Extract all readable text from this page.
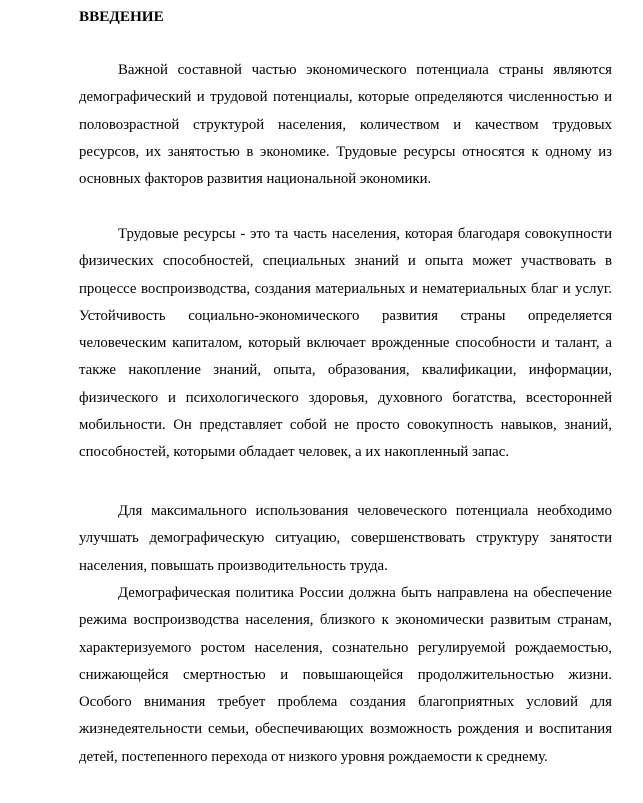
ВВЕДЕНИЕ

Важной составной частью экономического потенциала страны являются демографический и трудовой потенциалы, которые определяются численностью и половозрастной структурой населения, количеством и качеством трудовых ресурсов, их занятостью в экономике. Трудовые ресурсы относятся к одному из основных факторов развития национальной экономики.

Трудовые ресурсы - это та часть населения, которая благодаря совокупности физических способностей, специальных знаний и опыта может участвовать в процессе воспроизводства, создания материальных и нематериальных благ и услуг. Устойчивость социально-экономического развития страны определяется человеческим капиталом, который включает врожденные способности и талант, а также накопление знаний, опыта, образования, квалификации, информации, физического и психологического здоровья, духовного богатства, всесторонней мобильности. Он представляет собой не просто совокупность навыков, знаний, способностей, которыми обладает человек, а их накопленный запас.

Для максимального использования человеческого потенциала необходимо улучшать демографическую ситуацию, совершенствовать структуру занятости населения, повышать производительность труда.

Демографическая политика России должна быть направлена на обеспечение режима воспроизводства населения, близкого к экономически развитым странам, характеризуемого ростом населения, сознательно регулируемой рождаемостью, снижающейся смертностью и повышающейся продолжительностью жизни. Особого внимания требует проблема создания благоприятных условий для жизнедеятельности семьи, обеспечивающих возможность рождения и воспитания детей, постепенного перехода от низкого уровня рождаемости к среднему.
